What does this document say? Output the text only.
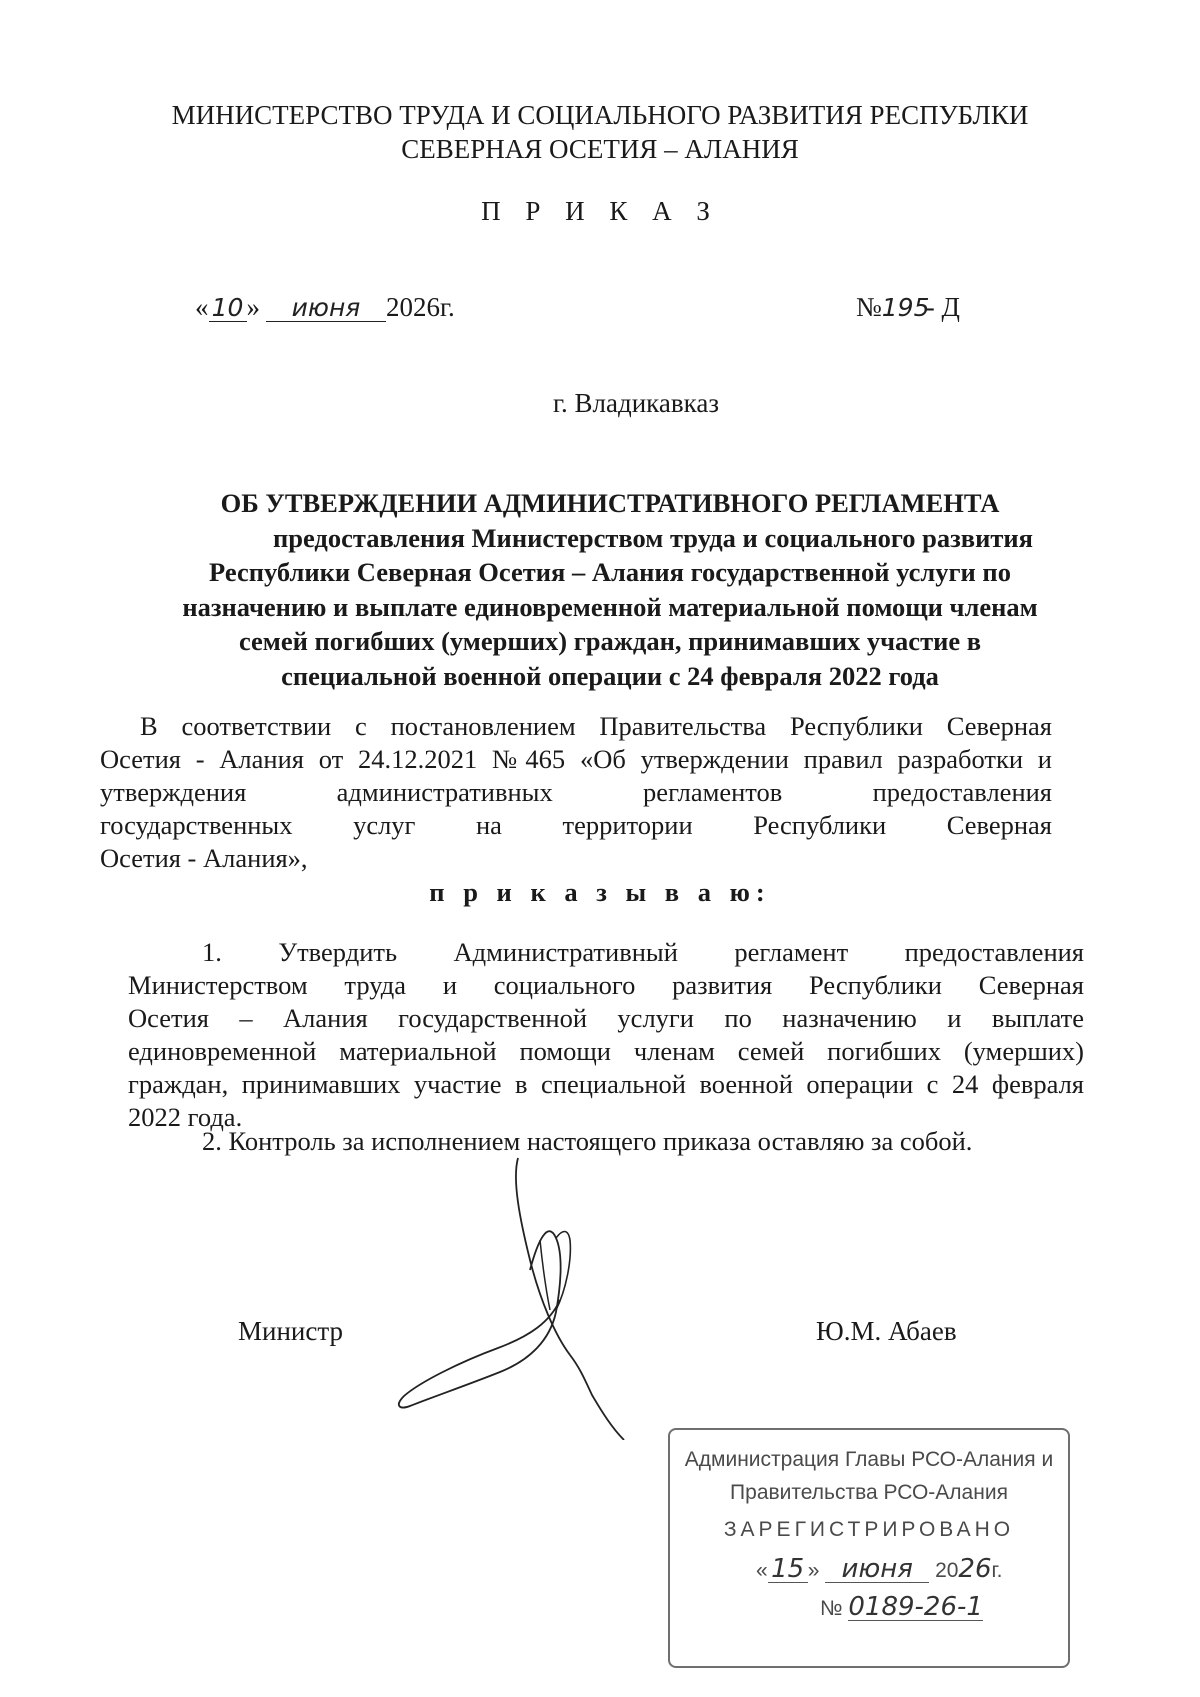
МИНИСТЕРСТВО ТРУДА И СОЦИАЛЬНОГО РАЗВИТИЯ РЕСПУБЛКИ
СЕВЕРНАЯ ОСЕТИЯ – АЛАНИЯ
П Р И К А З
« 10 » июня 2026г.	№195- Д
г. Владикавказ
ОБ УТВЕРЖДЕНИИ АДМИНИСТРАТИВНОГО РЕГЛАМЕНТА
предоставления Министерством труда и социального развития
Республики Северная Осетия – Алания государственной услуги по
назначению и выплате единовременной материальной помощи членам
семей погибших (умерших) граждан, принимавших участие в
специальной военной операции с 24 февраля 2022 года
В соответствии с постановлением Правительства Республики Северная
Осетия - Алания от 24.12.2021 №465 «Об утверждении правил разработки и
утверждения административных регламентов предоставления
государственных услуг на территории Республики Северная
Осетия - Алания»,
п р и к а з ы в а ю:
1. Утвердить Административный регламент предоставления
Министерством труда и социального развития Республики Северная
Осетия – Алания государственной услуги по назначению и выплате
единовременной материальной помощи членам семей погибших (умерших)
граждан, принимавших участие в специальной военной операции с 24 февраля
2022 года.
2. Контроль за исполнением настоящего приказа оставляю за собой.
Министр	Ю.М. Абаев
Администрация Главы РСО-Алания и
Правительства РСО-Алания
ЗАРЕГИСТРИРОВАНО
« 15 » июня 2026г.
№ 0189-26-1
